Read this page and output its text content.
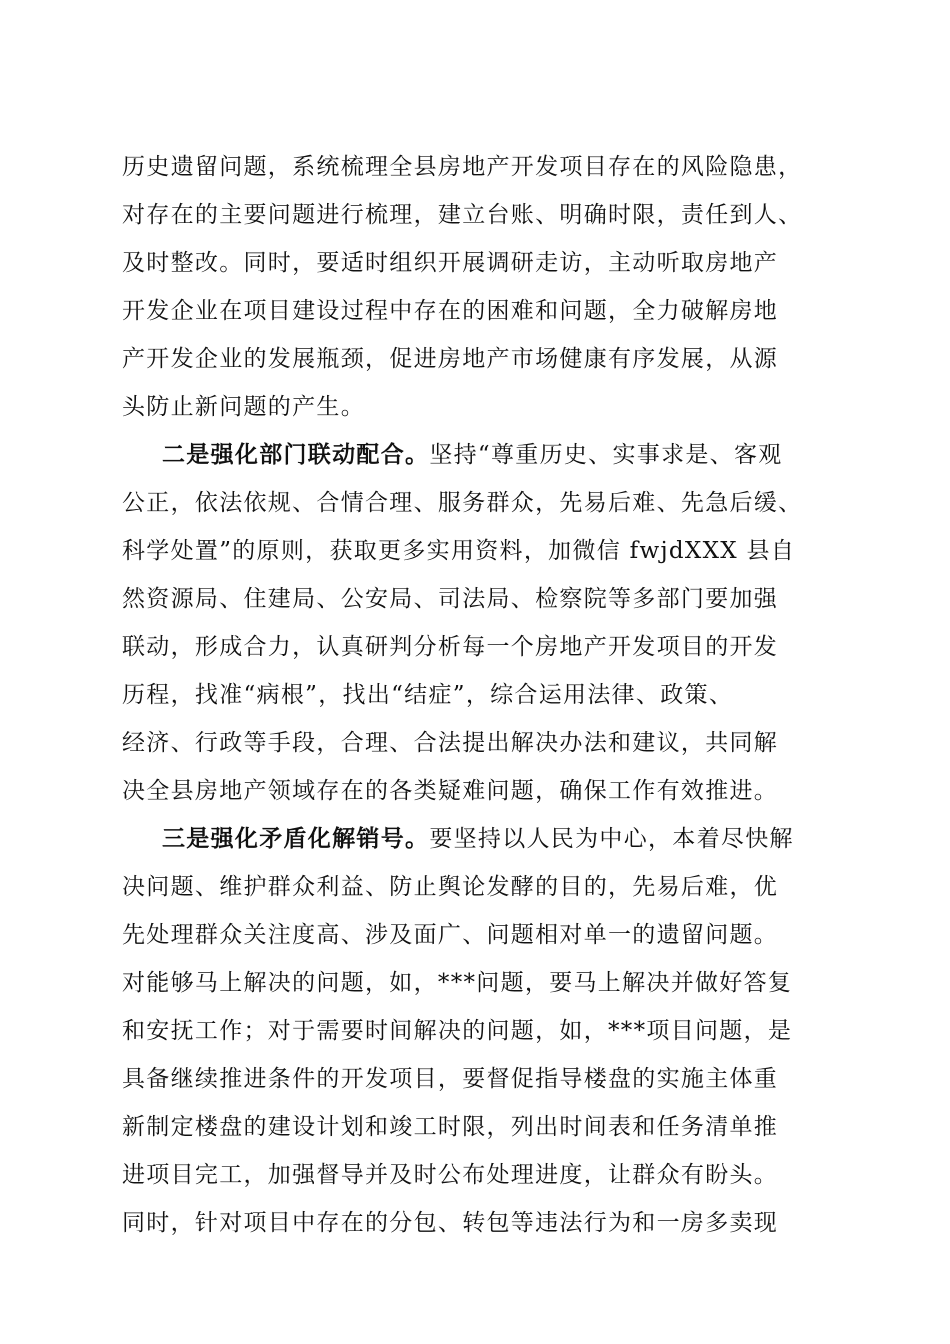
历史遗留问题，系统梳理全县房地产开发项目存在的风险隐患，
对存在的主要问题进行梳理，建立台账、明确时限，责任到人、
及时整改。同时，要适时组织开展调研走访，主动听取房地产
开发企业在项目建设过程中存在的困难和问题，全力破解房地
产开发企业的发展瓶颈，促进房地产市场健康有序发展，从源
头防止新问题的产生。
二是强化部门联动配合。坚持“尊重历史、实事求是、客观
公正，依法依规、合情合理、服务群众，先易后难、先急后缓、
科学处置”的原则，获取更多实用资料，加微信 fwjdXXX 县自
然资源局、住建局、公安局、司法局、检察院等多部门要加强
联动，形成合力，认真研判分析每一个房地产开发项目的开发
历程，找准“病根”，找出“结症”，综合运用法律、政策、
经济、行政等手段，合理、合法提出解决办法和建议，共同解
决全县房地产领域存在的各类疑难问题，确保工作有效推进。
三是强化矛盾化解销号。要坚持以人民为中心，本着尽快解
决问题、维护群众利益、防止舆论发酵的目的，先易后难，优
先处理群众关注度高、涉及面广、问题相对单一的遗留问题。
对能够马上解决的问题，如，***问题，要马上解决并做好答复
和安抚工作；对于需要时间解决的问题，如，***项目问题，是
具备继续推进条件的开发项目，要督促指导楼盘的实施主体重
新制定楼盘的建设计划和竣工时限，列出时间表和任务清单推
进项目完工，加强督导并及时公布处理进度，让群众有盼头。
同时，针对项目中存在的分包、转包等违法行为和一房多卖现
